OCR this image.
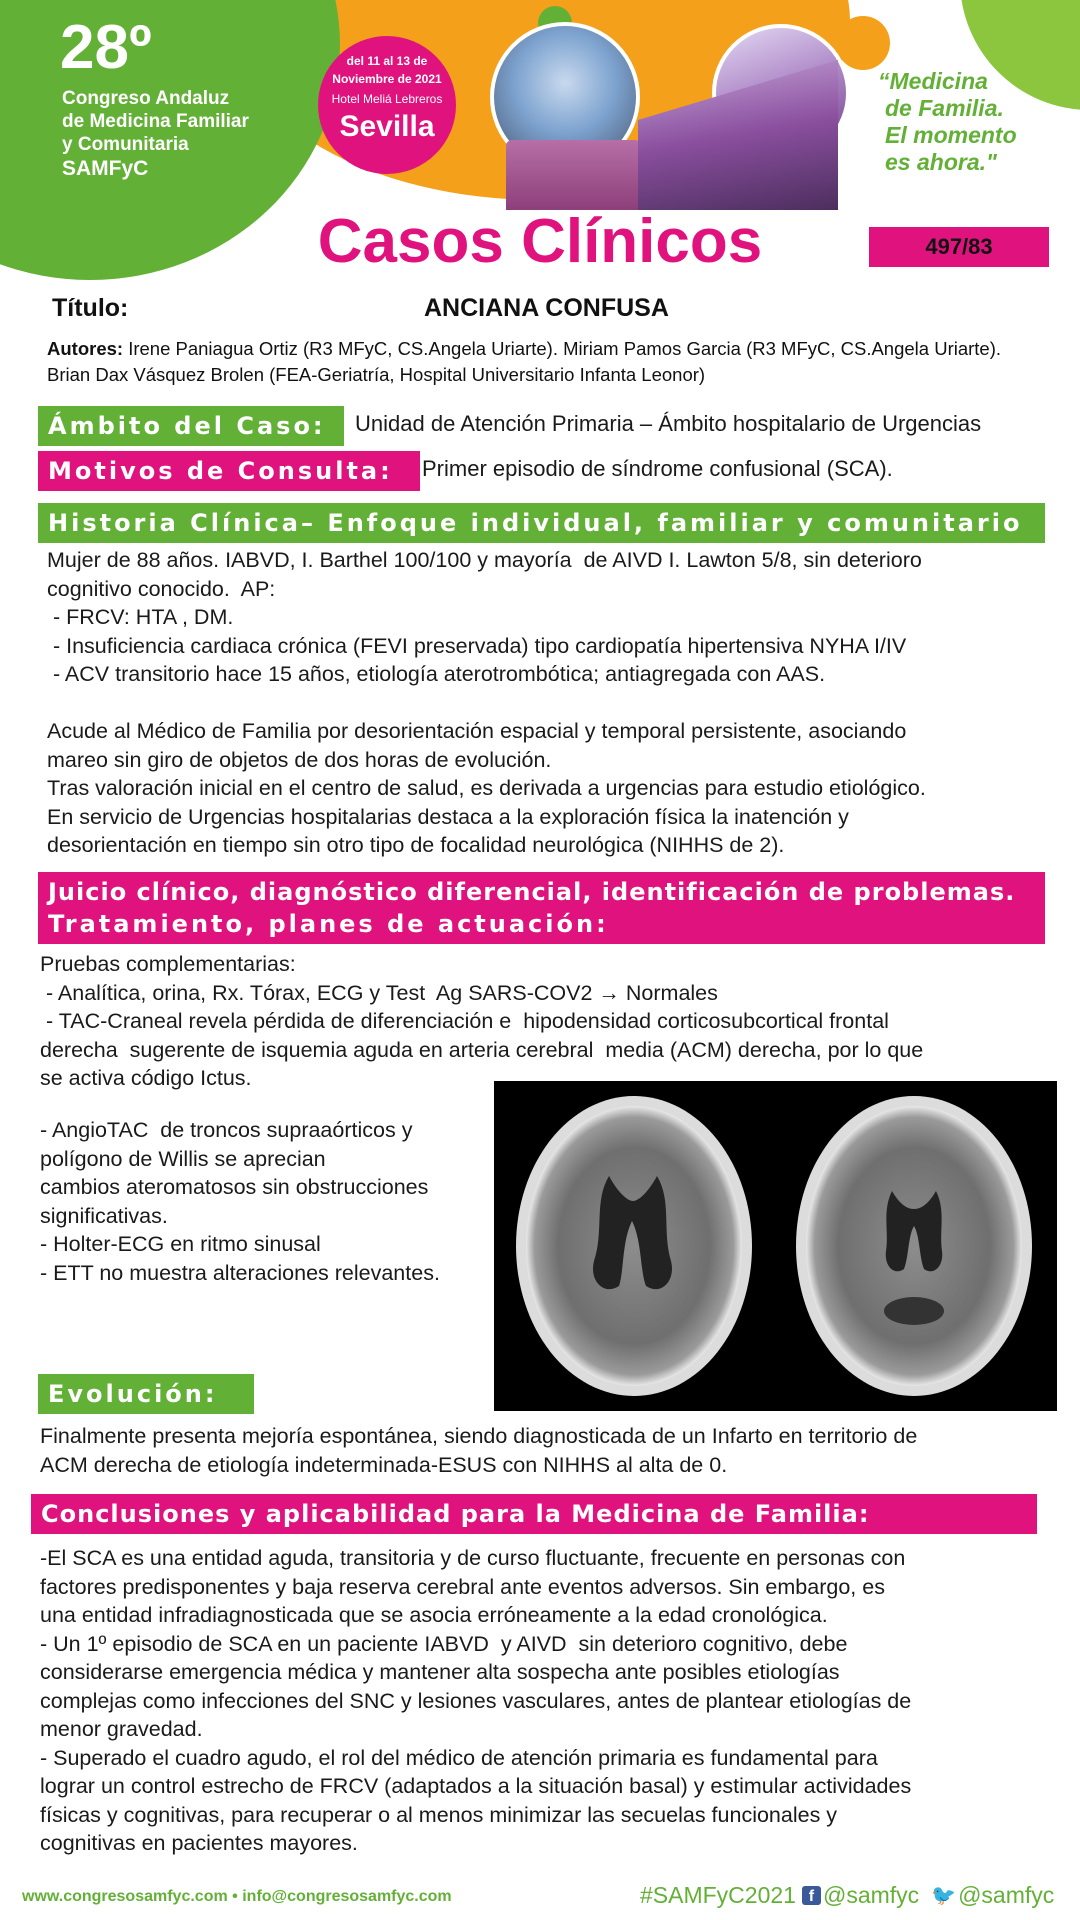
28º
Congreso Andaluz
de Medicina Familiar
y Comunitaria
SAMFyC
del 11 al 13 de
Noviembre de 2021
Hotel Meliá Lebreros
Sevilla
“Medicina
de Familia.
El momento
es ahora."
Casos Clínicos	497/83
Título:	ANCIANA CONFUSA
Autores: Irene Paniagua Ortiz (R3 MFyC, CS.Angela Uriarte). Miriam Pamos Garcia (R3 MFyC, CS.Angela Uriarte). Brian Dax Vásquez Brolen (FEA-Geriatría, Hospital Universitario Infanta Leonor)
Ámbito del Caso: Unidad de Atención Primaria – Ámbito hospitalario de Urgencias
Motivos de Consulta: Primer episodio de síndrome confusional (SCA).
Historia Clínica– Enfoque individual, familiar y comunitario

Mujer de 88 años. IABVD, I. Barthel 100/100 y mayoría  de AIVD I. Lawton 5/8, sin deterioro

cognitivo conocido.  AP:

- FRCV: HTA , DM.

- Insuficiencia cardiaca crónica (FEVI preservada) tipo cardiopatía hipertensiva NYHA I/IV

- ACV transitorio hace 15 años, etiología aterotrombótica; antiagregada con AAS.

Acude al Médico de Familia por desorientación espacial y temporal persistente, asociando

mareo sin giro de objetos de dos horas de evolución.

Tras valoración inicial en el centro de salud, es derivada a urgencias para estudio etiológico.

En servicio de Urgencias hospitalarias destaca a la exploración física la inatención y

desorientación en tiempo sin otro tipo de focalidad neurológica (NIHHS de 2).

Juicio clínico, diagnóstico diferencial, identificación de problemas.
Tratamiento, planes de actuación:

Pruebas complementarias:

- Analítica, orina, Rx. Tórax, ECG y Test  Ag SARS-COV2 → Normales

- TAC-Craneal revela pérdida de diferenciación e  hipodensidad corticosubcortical frontal

derecha  sugerente de isquemia aguda en arteria cerebral  media (ACM) derecha, por lo que

se activa código Ictus.

- AngioTAC  de troncos supraaórticos y

polígono de Willis se aprecian

cambios ateromatosos sin obstrucciones

significativas.

- Holter-ECG en ritmo sinusal

- ETT no muestra alteraciones relevantes.

Evolución:

Finalmente presenta mejoría espontánea, siendo diagnosticada de un Infarto en territorio de

ACM derecha de etiología indeterminada-ESUS con NIHHS al alta de 0.

Conclusiones y aplicabilidad para la Medicina de Familia:

-El SCA es una entidad aguda, transitoria y de curso fluctuante, frecuente en personas con

factores predisponentes y baja reserva cerebral ante eventos adversos. Sin embargo, es

una entidad infradiagnosticada que se asocia erróneamente a la edad cronológica.

- Un 1º episodio de SCA en un paciente IABVD  y AIVD  sin deterioro cognitivo, debe

considerarse emergencia médica y mantener alta sospecha ante posibles etiologías

complejas como infecciones del SNC y lesiones vasculares, antes de plantear etiologías de

menor gravedad.

- Superado el cuadro agudo, el rol del médico de atención primaria es fundamental para

lograr un control estrecho de FRCV (adaptados a la situación basal) y estimular actividades

físicas y cognitivas, para recuperar o al menos minimizar las secuelas funcionales y

cognitivas en pacientes mayores.

www.congresosamfyc.com • info@congresosamfyc.com	#SAMFyC2021 f @samfyc 🐦 @samfyc
